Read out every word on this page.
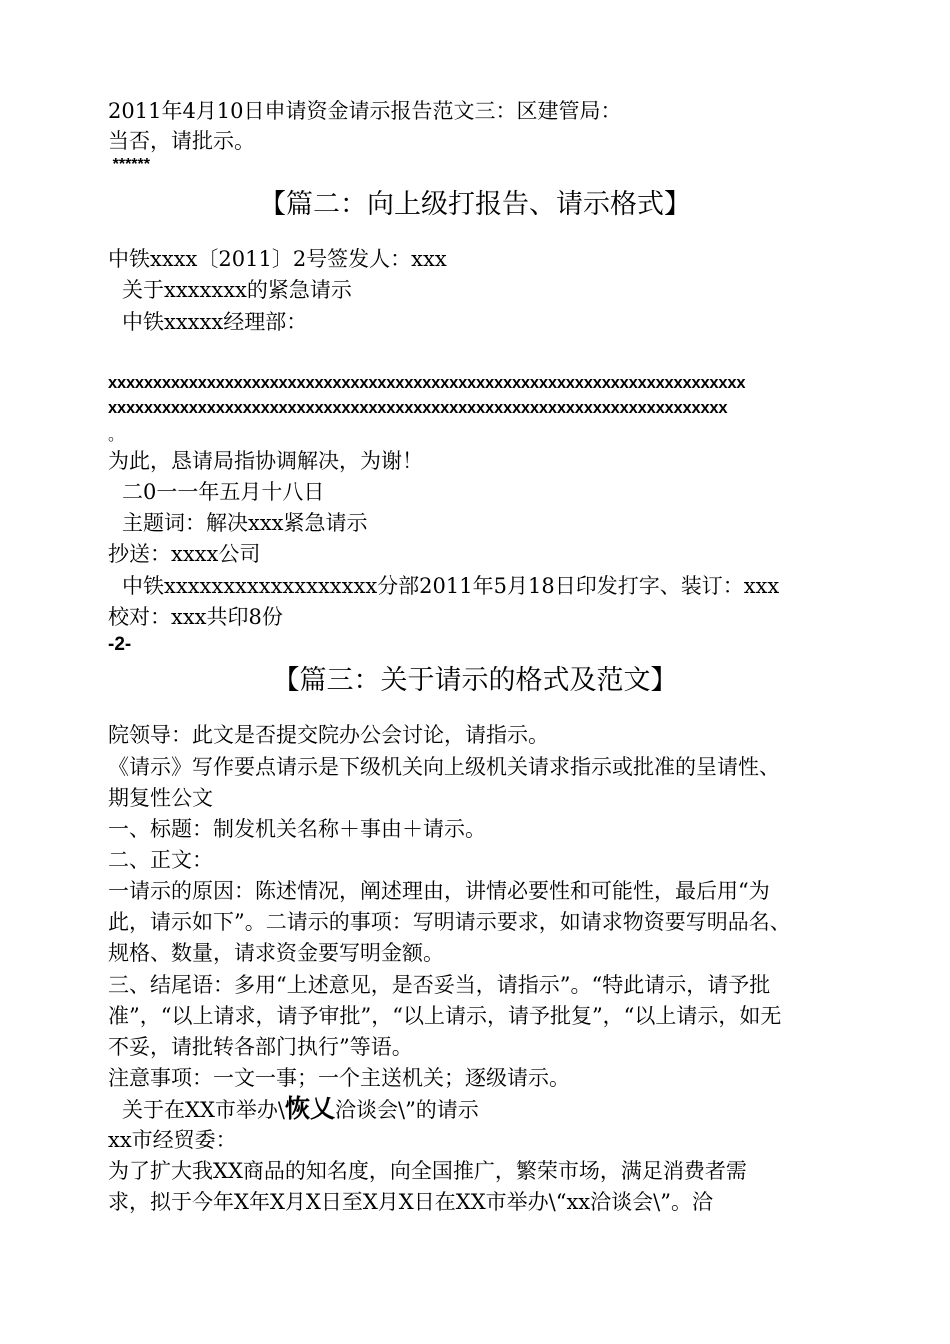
2011年4月10日申请资金请示报告范文三：区建管局：
当否，请批示。
******
【篇二：向上级打报告、请示格式】
中铁xxxx〔2011〕2号签发人：xxx
关于xxxxxxx的紧急请示
中铁xxxxx经理部：
xxxxxxxxxxxxxxxxxxxxxxxxxxxxxxxxxxxxxxxxxxxxxxxxxxxxxxxxxxxxxxxxxxxxxxx
xxxxxxxxxxxxxxxxxxxxxxxxxxxxxxxxxxxxxxxxxxxxxxxxxxxxxxxxxxxxxxxxxxxxx
。
为此，恳请局指协调解决，为谢！
二0一一年五月十八日
主题词：解决xxx紧急请示
抄送：xxxx公司
中铁xxxxxxxxxxxxxxxxxx分部2011年5月18日印发打字、装订：xxx
校对：xxx共印8份
-2-
【篇三：关于请示的格式及范文】
院领导：此文是否提交院办公会讨论，请指示。
《请示》写作要点请示是下级机关向上级机关请求指示或批准的呈请性、
期复性公文
一、标题：制发机关名称＋事由＋请示。
二、正文：
一请示的原因：陈述情况，阐述理由，讲情必要性和可能性，最后用“为
此，请示如下”。二请示的事项：写明请示要求，如请求物资要写明品名、
规格、数量，请求资金要写明金额。
三、结尾语：多用“上述意见，是否妥当，请指示”。“特此请示，请予批
准”，“以上请求，请予审批”，“以上请示，请予批复”，“以上请示，如无
不妥，请批转各部门执行”等语。
注意事项：一文一事；一个主送机关；逐级请示。
关于在XX市举办\恢乂洽谈会\”的请示
xx市经贸委：
为了扩大我XX商品的知名度，向全国推广，繁荣市场，满足消费者需
求，拟于今年X年X月X日至X月X日在XX市举办\“xx洽谈会\”。洽
